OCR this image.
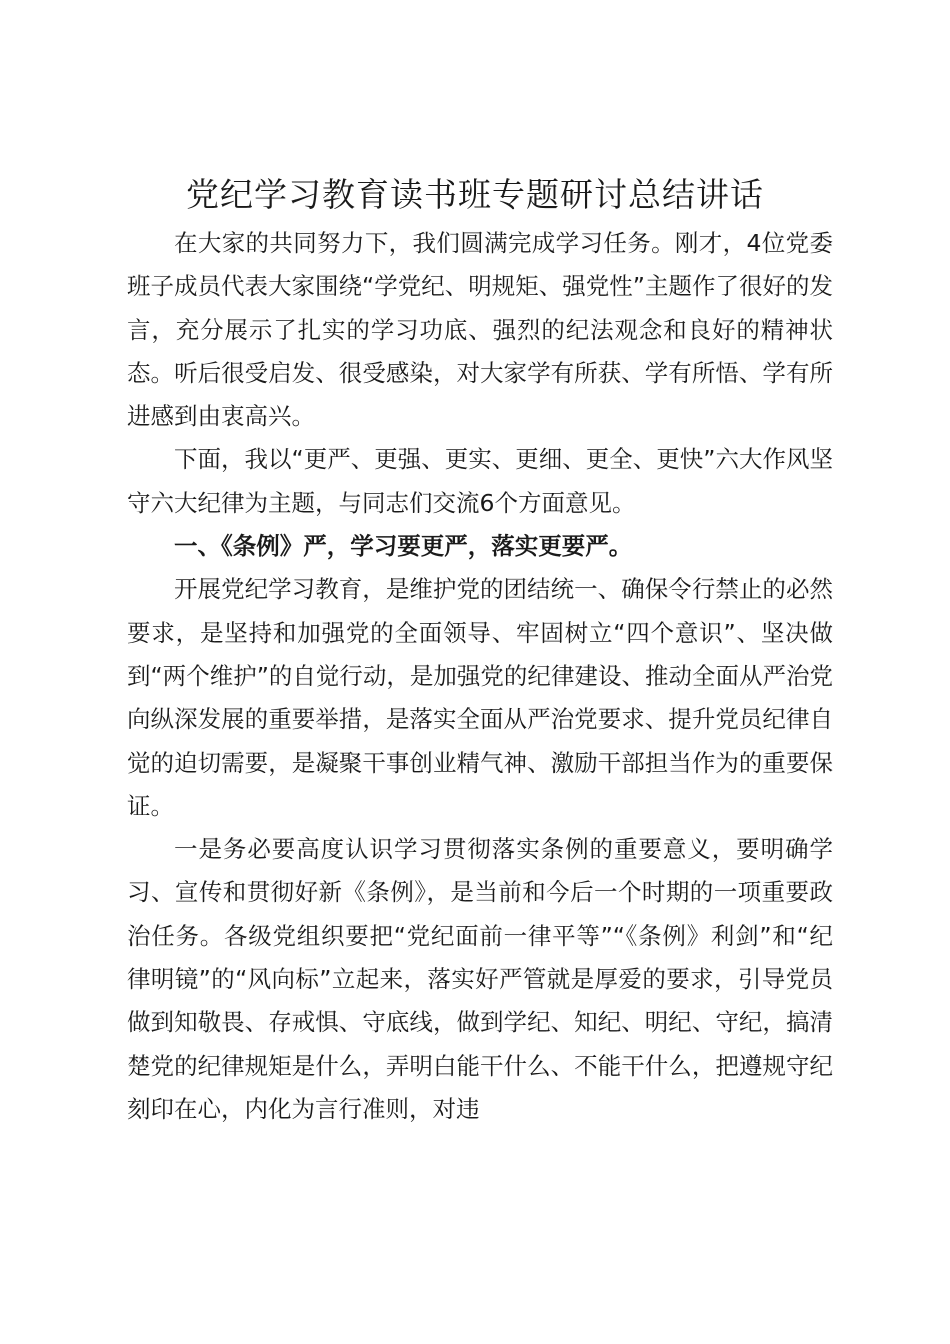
党纪学习教育读书班专题研讨总结讲话

在大家的共同努力下，我们圆满完成学习任务。刚才，4位党委班子成员代表大家围绕“学党纪、明规矩、强党性”主题作了很好的发言，充分展示了扎实的学习功底、强烈的纪法观念和良好的精神状态。听后很受启发、很受感染，对大家学有所获、学有所悟、学有所进感到由衷高兴。

下面，我以“更严、更强、更实、更细、更全、更快”六大作风坚守六大纪律为主题，与同志们交流6个方面意见。

一、《条例》严，学习要更严，落实更要严。

开展党纪学习教育，是维护党的团结统一、确保令行禁止的必然要求，是坚持和加强党的全面领导、牢固树立“四个意识”、坚决做到“两个维护”的自觉行动，是加强党的纪律建设、推动全面从严治党向纵深发展的重要举措，是落实全面从严治党要求、提升党员纪律自觉的迫切需要，是凝聚干事创业精气神、激励干部担当作为的重要保证。

一是务必要高度认识学习贯彻落实条例的重要意义，要明确学习、宣传和贯彻好新《条例》，是当前和今后一个时期的一项重要政治任务。各级党组织要把“党纪面前一律平等”“《条例》利剑”和“纪律明镜”的“风向标”立起来，落实好严管就是厚爱的要求，引导党员做到知敬畏、存戒惧、守底线，做到学纪、知纪、明纪、守纪，搞清楚党的纪律规矩是什么，弄明白能干什么、不能干什么，把遵规守纪刻印在心，内化为言行准则，对违
